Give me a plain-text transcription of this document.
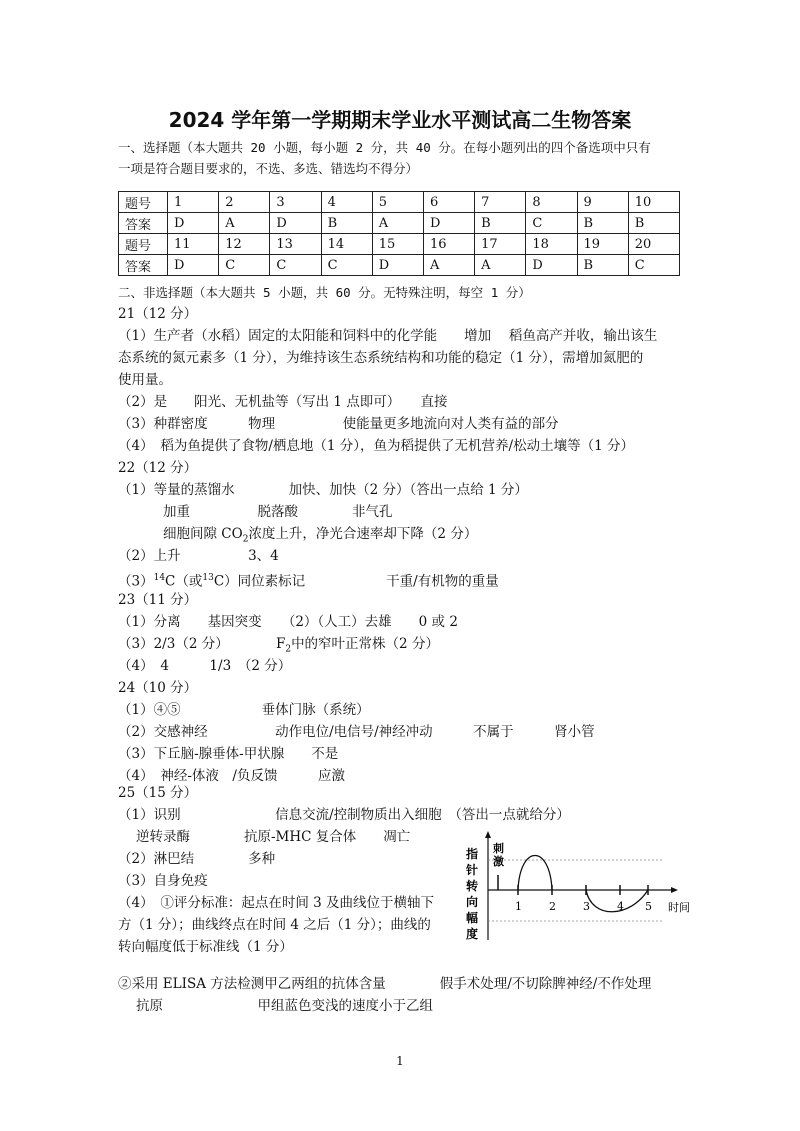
2024 学年第一学期期末学业水平测试高二生物答案
一、选择题（本大题共 20 小题，每小题 2 分，共 40 分。在每小题列出的四个备选项中只有
一项是符合题目要求的，不选、多选、错选均不得分）
题号	1	2	3	4	5	6	7	8	9	10
答案	D	A	D	B	A	D	B	C	B	B
题号	11	12	13	14	15	16	17	18	19	20
答案	D	C	C	C	D	A	A	D	B	C
二、非选择题（本大题共 5 小题，共 60 分。无特殊注明，每空 1 分）
21（12 分）
（1）生产者（水稻）固定的太阳能和饲料中的化学能　　增加　 稻鱼高产并收，输出该生
态系统的氮元素多（1 分），为维持该生态系统结构和功能的稳定（1 分），需增加氮肥的
使用量。
（2）是　　阳光、无机盐等（写出 1 点即可）　　直接
（3）种群密度　　　物理　　　　　使能量更多地流向对人类有益的部分
（4）　稻为鱼提供了食物/栖息地（1 分），鱼为稻提供了无机营养/松动土壤等（1 分）
22（12 分）
（1）等量的蒸馏水　　　　加快、加快（2 分）（答出一点给 1 分）
加重　　　　　脱落酸　　　　非气孔
细胞间隙 $CO_2$浓度上升，净光合速率却下降（2 分）
（2）上升　　　　　3、4
$(3)^{14}C$（或$^{13}$C）同位素标记　　　　　　干重/有机物的重量
23（11 分）
（1）分离　　基因突变　　（2）（人工）去雄　　0 或 2
（3）2/3（2 分）　　　　$F_2$中的窄叶正常株（2 分）
（4）　4　　　1/3　（2 分）
24（10 分）
（1）④⑤　　　　　　垂体门脉（系统）
（2）交感神经　　　　　动作电位/电信号/神经冲动　　　不属于　　　肾小管
（3）下丘脑-腺垂体-甲状腺　　不是
（4）　神经-体液　/负反馈　　　应激
25（15 分）
（1）识别　　　　　　　信息交流/控制物质出入细胞　（答出一点就给分）
逆转录酶　　　　抗原-MHC 复合体　　凋亡
（2）淋巴结　　　　多种
（3）自身免疫
（4）　①评分标准：起点在时间 3 及曲线位于横轴下
方（1 分）；曲线终点在时间 4 之后（1 分）；曲线的
转向幅度低于标准线（1 分）
②采用 ELISA 方法检测甲乙两组的抗体含量　　　　假手术处理/不切除脾神经/不作处理
抗原　　　　　　　甲组蓝色变浅的速度小于乙组
1 2 3 4 5
指
针
转
向
幅
度
刺
激
时间
1
